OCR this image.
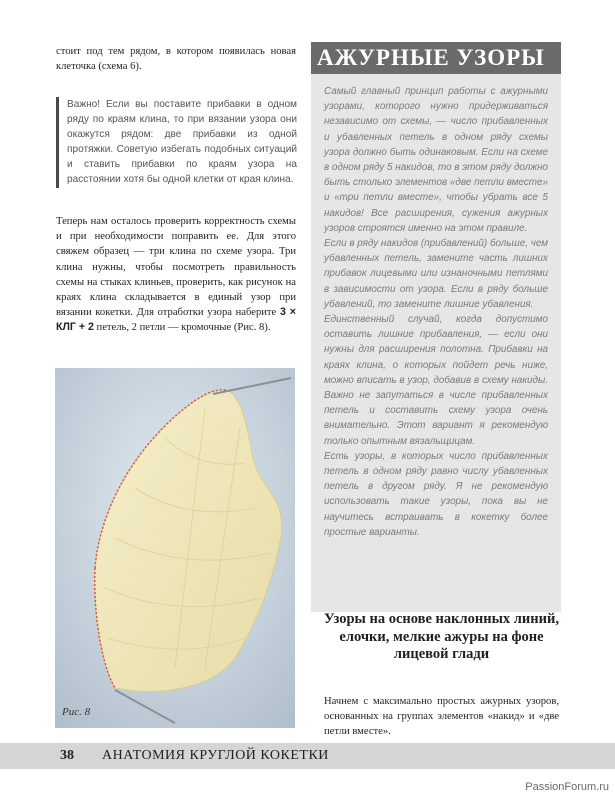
стоит под тем рядом, в котором появилась новая клеточка (схема 6).

Важно! Если вы поставите прибавки в одном ряду по краям клина, то при вязании узора они окажутся рядом: две прибавки из одной протяжки. Советую избегать подобных ситуаций и ставить прибавки по краям узора на расстоянии хотя бы одной клетки от края клина.

Теперь нам осталось проверить корректность схемы и при необходимости поправить ее. Для этого свяжем образец — три клина по схеме узора. Три клина нужны, чтобы посмотреть правильность схемы на стыках клиньев, проверить, как рисунок на краях клина складывается в единый узор при вязании кокетки. Для отработки узора наберите 3 × КЛГ + 2 петель, 2 петли — кромочные (Рис. 8).

Рис. 8
АЖУРНЫЕ УЗОРЫ

Самый главный принцип работы с ажурными узорами, которого нужно придерживаться независимо от схемы, — число прибавленных и убавленных петель в одном ряду схемы узора должно быть одинаковым. Если на схеме в одном ряду 5 накидов, то в этом ряду должно быть столько элементов «две петли вместе» и «три петли вместе», чтобы убрать все 5 накидов! Все расширения, сужения ажурных узоров строятся именно на этом правиле.

Если в ряду накидов (прибавлений) больше, чем убавленных петель, замените часть лишних прибавок лицевыми или изнаночными петлями в зависимости от узора. Если в ряду больше убавлений, то замените лишние убавления.

Единственный случай, когда допустимо оставить лишние прибавления, — если они нужны для расширения полотна. Прибавки на краях клина, о которых пойдет речь ниже, можно вписать в узор, добавив в схему накиды. Важно не запутаться в числе прибавленных петель и составить схему узора очень внимательно. Этот вариант я рекомендую только опытным вязальщицам.

Есть узоры, в которых число прибавленных петель в одном ряду равно числу убавленных петель в другом ряду. Я не рекомендую использовать такие узоры, пока вы не научитесь встраивать в кокетку более простые варианты.

Узоры на основе наклонных линий, елочки, мелкие ажуры на фоне лицевой глади

Начнем с максимально простых ажурных узоров, основанных на группах элементов «накид» и «две петли вместе».

38 АНАТОМИЯ КРУГЛОЙ КОКЕТКИ
PassionForum.ru
